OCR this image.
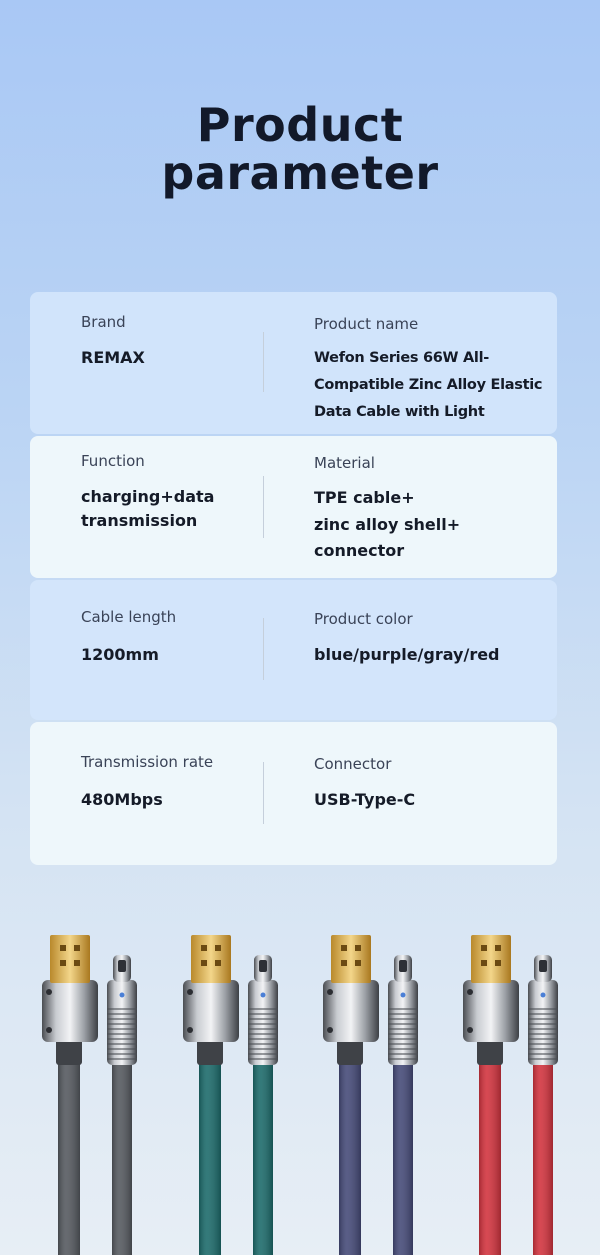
Product
parameter
Brand
REMAX
Product name
Wefon Series 66W All-
Compatible Zinc Alloy Elastic
Data Cable with Light
Function
charging+data
transmission
Material
TPE cable+
zinc alloy shell+
connector
Cable length
1200mm
Product color
blue/purple/gray/red
Transmission rate
480Mbps
Connector
USB-Type-C
